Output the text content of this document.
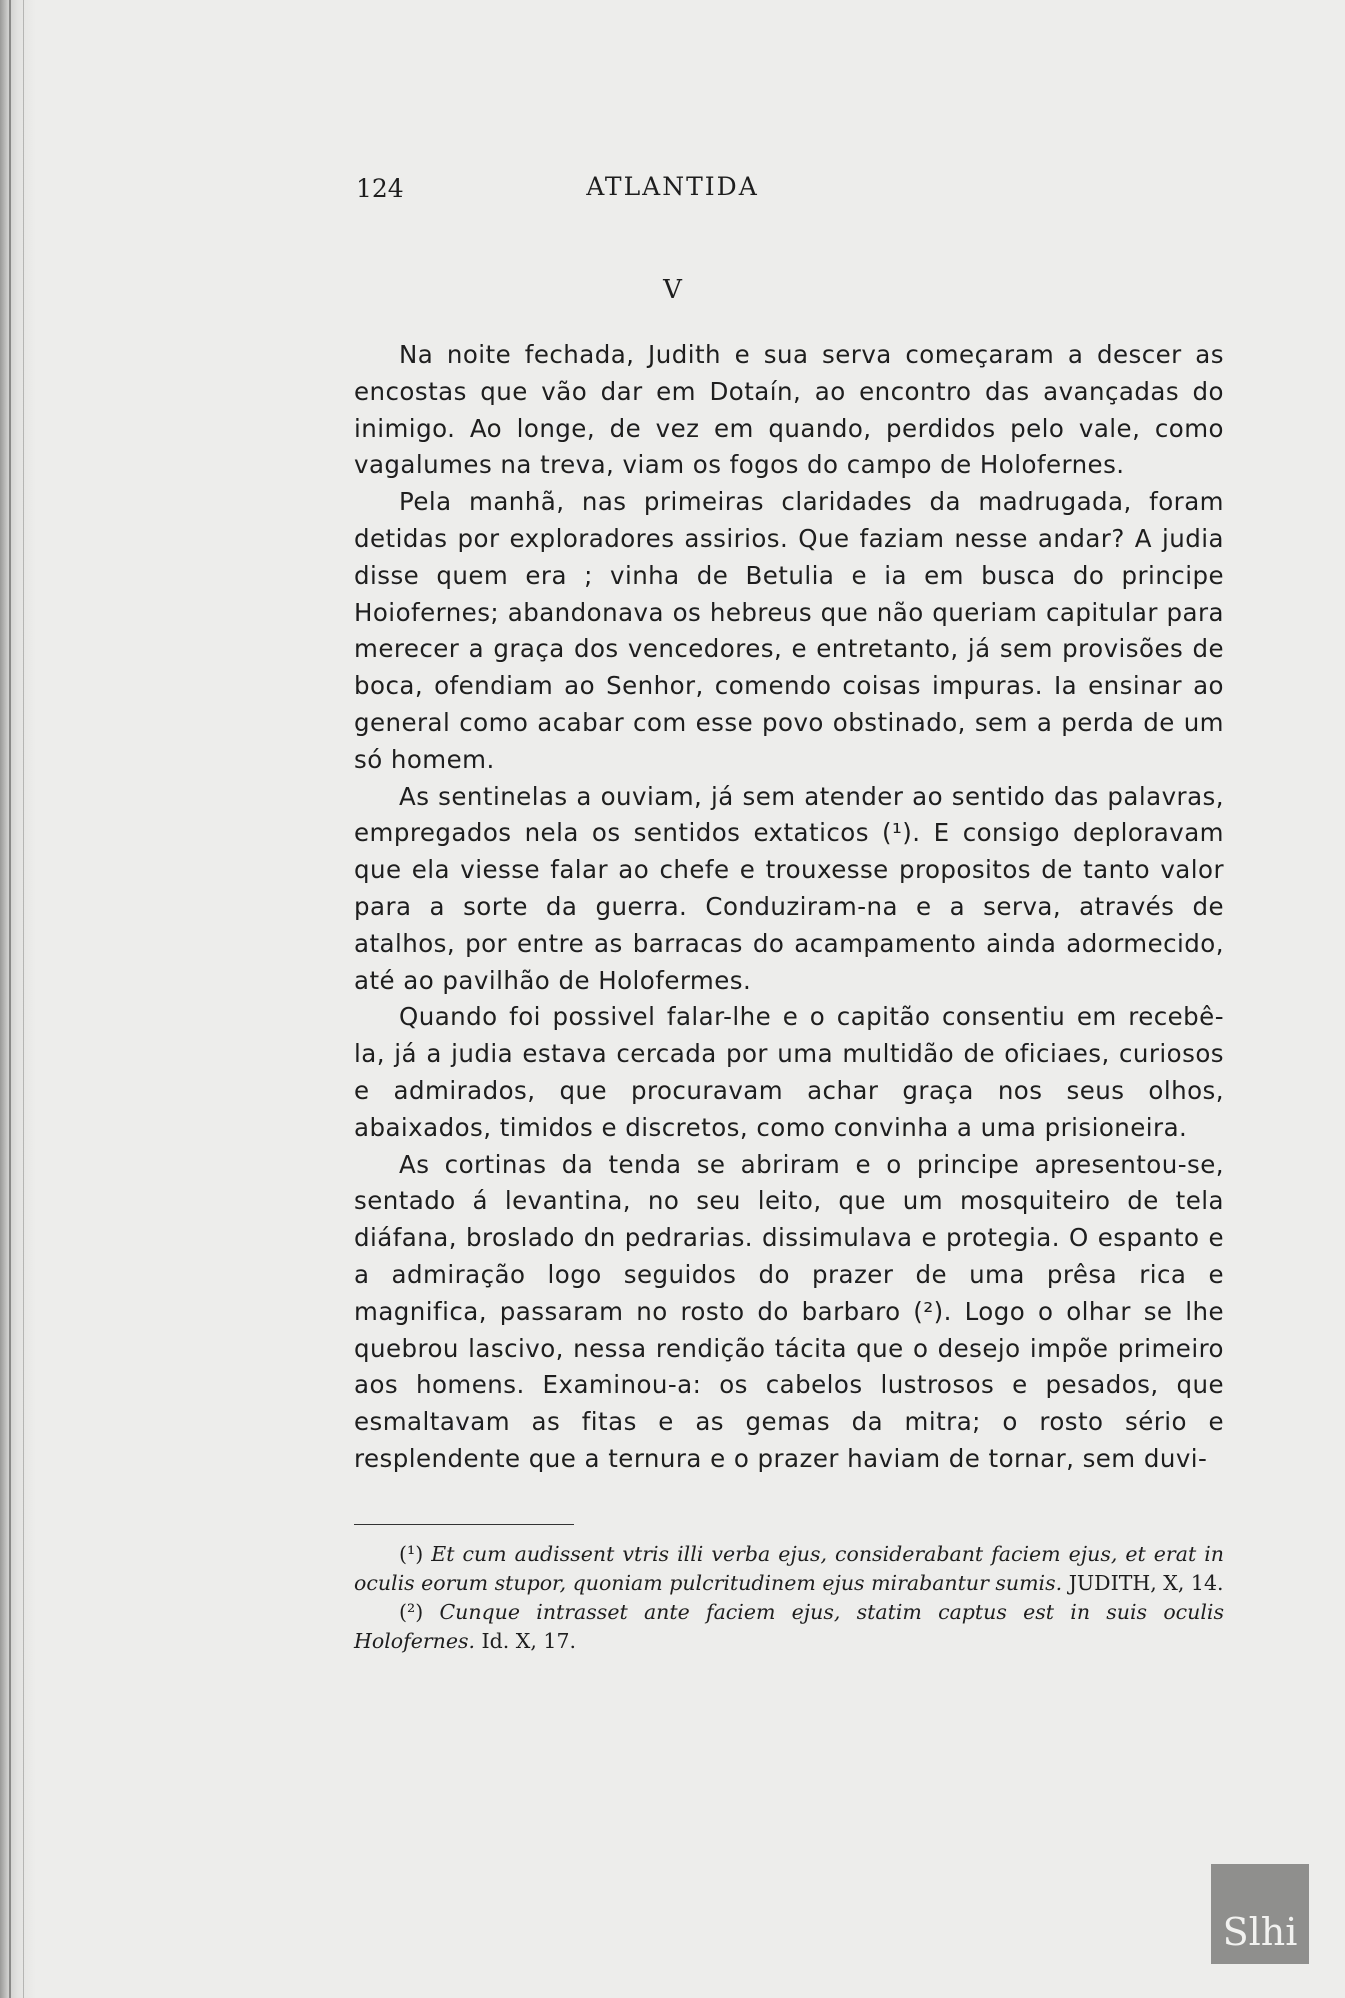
124	ATLANTIDA
V

Na noite fechada, Judith e sua serva começaram a descer as encostas que vão dar em Dotaín, ao encontro das avançadas do inimigo. Ao longe, de vez em quando, perdidos pelo vale, como vagalumes na treva, viam os fogos do campo de Holofernes.

Pela manhã, nas primeiras claridades da madrugada, foram detidas por exploradores assirios. Que faziam nesse andar? A judia disse quem era ; vinha de Betulia e ia em busca do principe Hoiofernes; abandonava os hebreus que não queriam capitular para merecer a graça dos vencedores, e entretanto, já sem provisões de boca, ofendiam ao Senhor, comendo coisas impuras. Ia ensinar ao general como acabar com esse povo obstinado, sem a perda de um só homem.

As sentinelas a ouviam, já sem atender ao sentido das palavras, empregados nela os sentidos extaticos (¹). E consigo deploravam que ela viesse falar ao chefe e trouxesse propositos de tanto valor para a sorte da guerra. Conduziram-na e a serva, através de atalhos, por entre as barracas do acampamento ainda adormecido, até ao pavilhão de Holofermes.

Quando foi possivel falar-lhe e o capitão consentiu em recebê-la, já a judia estava cercada por uma multidão de oficiaes, curiosos e admirados, que procuravam achar graça nos seus olhos, abaixados, timidos e discretos, como convinha a uma prisioneira.

As cortinas da tenda se abriram e o principe apresentou-se, sentado á levantina, no seu leito, que um mosquiteiro de tela diáfana, broslado dn pedrarias. dissimulava e protegia. O espanto e a admiração logo seguidos do prazer de uma prêsa rica e magnifica, passaram no rosto do barbaro (²). Logo o olhar se lhe quebrou lascivo, nessa rendição tácita que o desejo impõe primeiro aos homens. Examinou-a: os cabelos lustrosos e pesados, que esmaltavam as fitas e as gemas da mitra; o rosto sério e resplendente que a ternura e o prazer haviam de tornar, sem duvi-

(¹) Et cum audissent vtris illi verba ejus, considerabant faciem ejus, et erat in oculis eorum stupor, quoniam pulcritudinem ejus mirabantur sumis. JUDITH, X, 14.

(²) Cunque intrasset ante faciem ejus, statim captus est in suis oculis Holofernes. Id. X, 17.

Slhi
